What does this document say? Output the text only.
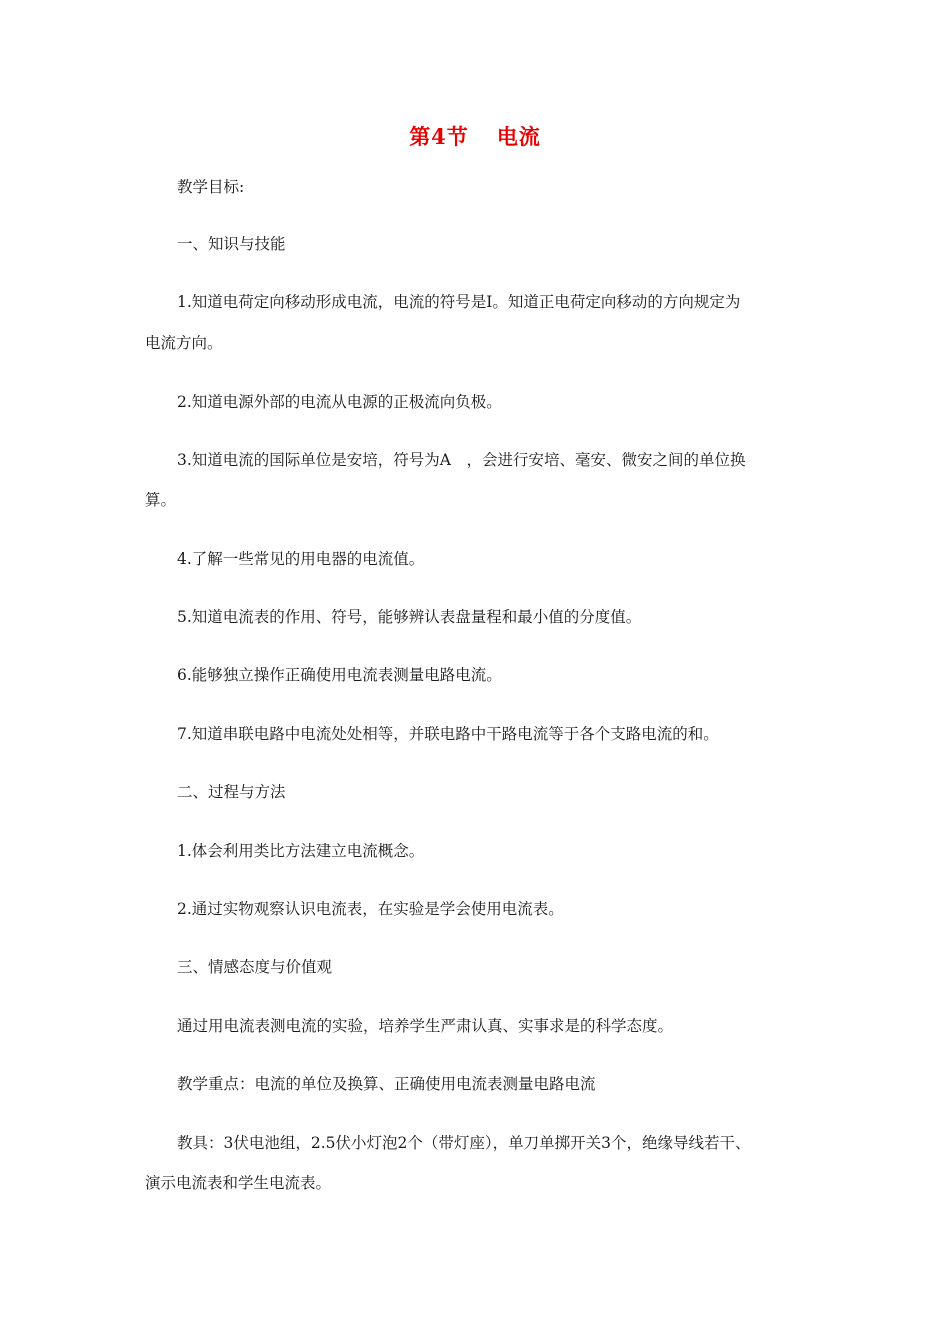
第4节 电流
教学目标:
一、知识与技能
1.知道电荷定向移动形成电流，电流的符号是I。知道正电荷定向移动的方向规定为
电流方向。
2.知道电源外部的电流从电源的正极流向负极。
3.知道电流的国际单位是安培，符号为A　，会进行安培、毫安、微安之间的单位换
算。
4.了解一些常见的用电器的电流值。
5.知道电流表的作用、符号，能够辨认表盘量程和最小值的分度值。
6.能够独立操作正确使用电流表测量电路电流。
7.知道串联电路中电流处处相等，并联电路中干路电流等于各个支路电流的和。
二、过程与方法
1.体会利用类比方法建立电流概念。
2.通过实物观察认识电流表，在实验是学会使用电流表。
三、情感态度与价值观
通过用电流表测电流的实验，培养学生严肃认真、实事求是的科学态度。
教学重点：电流的单位及换算、正确使用电流表测量电路电流
教具：3伏电池组，2.5伏小灯泡2个（带灯座），单刀单掷开关3个，绝缘导线若干、
演示电流表和学生电流表。
